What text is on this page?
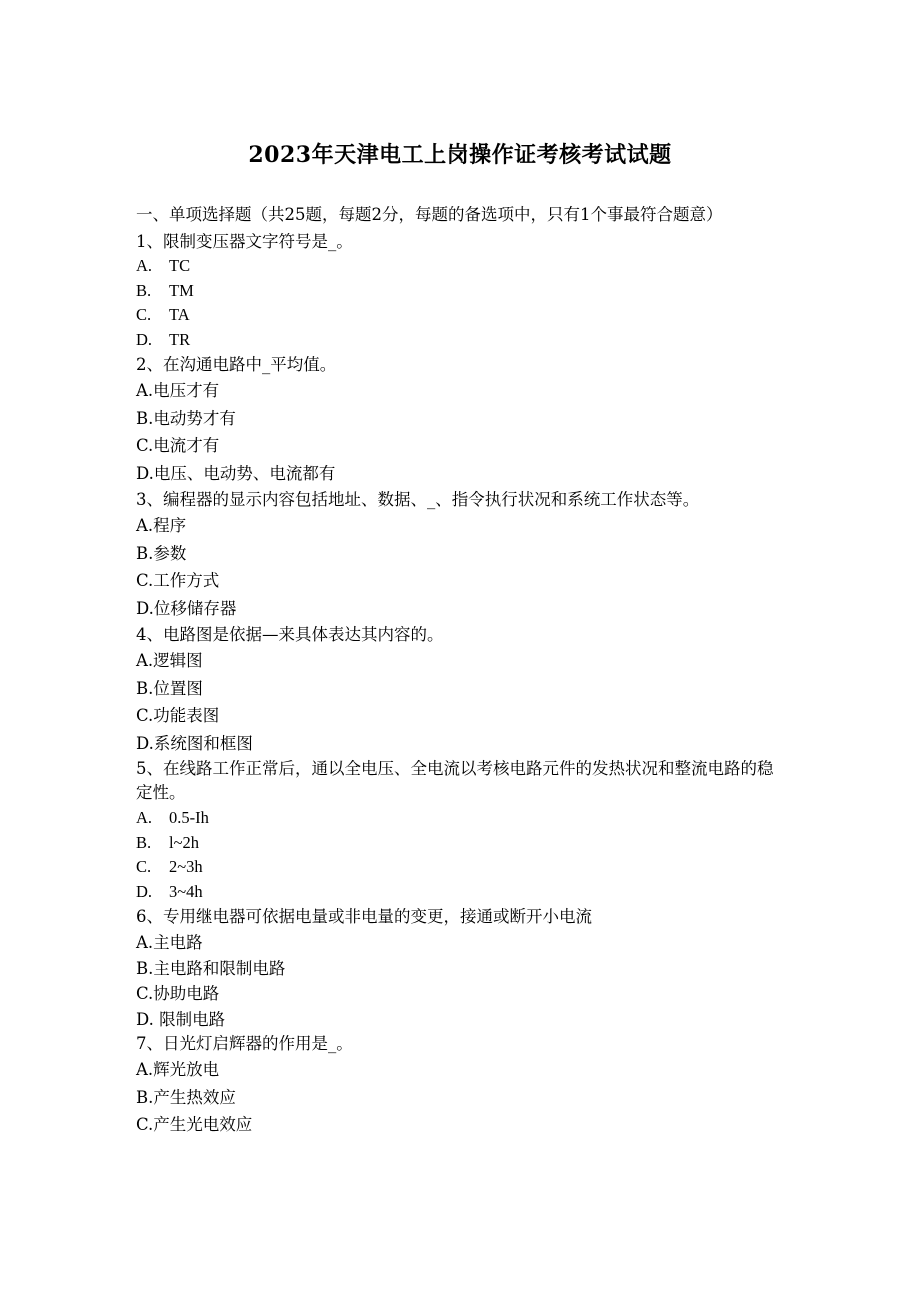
2023年天津电工上岗操作证考核考试试题
一、单项选择题（共25题，每题2分，每题的备选项中，只有1个事最符合题意）
1、限制变压器文字符号是_。
A. TC
B. TM
C. TA
D. TR
2、在沟通电路中_平均值。
A.电压才有
B.电动势才有
C.电流才有
D.电压、电动势、电流都有
3、编程器的显示内容包括地址、数据、_、指令执行状况和系统工作状态等。
A.程序
B.参数
C.工作方式
D.位移储存器
4、电路图是依据—来具体表达其内容的。
A.逻辑图
B.位置图
C.功能表图
D.系统图和框图
5、在线路工作正常后，通以全电压、全电流以考核电路元件的发热状况和整流电路的稳定性。
A. 0.5-Ih
B. l~2h
C. 2~3h
D. 3~4h
6、专用继电器可依据电量或非电量的变更，接通或断开小电流
A.主电路
B.主电路和限制电路
C.协助电路
D. 限制电路
7、日光灯启辉器的作用是_。
A.辉光放电
B.产生热效应
C.产生光电效应
